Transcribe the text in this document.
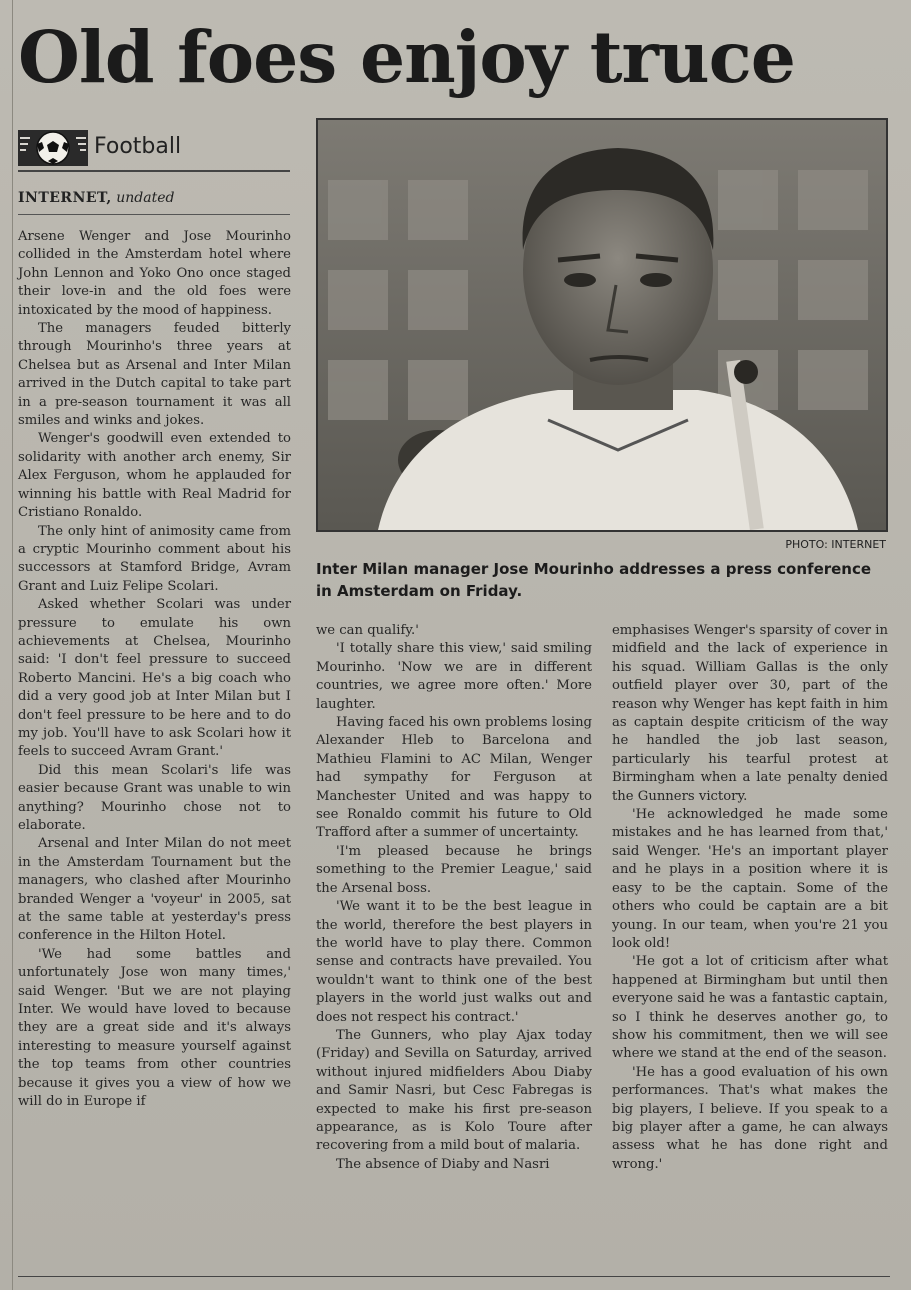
Old foes enjoy truce
Football
INTERNET, undated

Arsene Wenger and Jose Mourinho collided in the Amsterdam hotel where John Lennon and Yoko Ono once staged their love-in and the old foes were intoxicated by the mood of happiness.

The managers feuded bitterly through Mourinho's three years at Chelsea but as Arsenal and Inter Milan arrived in the Dutch capital to take part in a pre-season tournament it was all smiles and winks and jokes.

Wenger's goodwill even extended to solidarity with another arch enemy, Sir Alex Ferguson, whom he applauded for winning his battle with Real Madrid for Cristiano Ronaldo.

The only hint of animosity came from a cryptic Mourinho comment about his successors at Stamford Bridge, Avram Grant and Luiz Felipe Scolari.

Asked whether Scolari was under pressure to emulate his own achievements at Chelsea, Mourinho said: 'I don't feel pressure to succeed Roberto Mancini. He's a big coach who did a very good job at Inter Milan but I don't feel pressure to be here and to do my job. You'll have to ask Scolari how it feels to succeed Avram Grant.'

Did this mean Scolari's life was easier because Grant was unable to win anything? Mourinho chose not to elaborate.

Arsenal and Inter Milan do not meet in the Amsterdam Tournament but the managers, who clashed after Mourinho branded Wenger a 'voyeur' in 2005, sat at the same table at yesterday's press conference in the Hilton Hotel.

'We had some battles and unfortunately Jose won many times,' said Wenger. 'But we are not playing Inter. We would have loved to because they are a great side and it's always interesting to measure yourself against the top teams from other countries because it gives you a view of how we will do in Europe if

PHOTO: INTERNET
Inter Milan manager Jose Mourinho addresses a press conference in Amsterdam on Friday.

we can qualify.'

'I totally share this view,' said smiling Mourinho. 'Now we are in different countries, we agree more often.' More laughter.

Having faced his own problems losing Alexander Hleb to Barcelona and Mathieu Flamini to AC Milan, Wenger had sympathy for Ferguson at Manchester United and was happy to see Ronaldo commit his future to Old Trafford after a summer of uncertainty.

'I'm pleased because he brings something to the Premier League,' said the Arsenal boss.

'We want it to be the best league in the world, therefore the best players in the world have to play there. Common sense and contracts have prevailed. You wouldn't want to think one of the best players in the world just walks out and does not respect his contract.'

The Gunners, who play Ajax today (Friday) and Sevilla on Saturday, arrived without injured midfielders Abou Diaby and Samir Nasri, but Cesc Fabregas is expected to make his first pre-season appearance, as is Kolo Toure after recovering from a mild bout of malaria.

The absence of Diaby and Nasri

emphasises Wenger's sparsity of cover in midfield and the lack of experience in his squad. William Gallas is the only outfield player over 30, part of the reason why Wenger has kept faith in him as captain despite criticism of the way he handled the job last season, particularly his tearful protest at Birmingham when a late penalty denied the Gunners victory.

'He acknowledged he made some mistakes and he has learned from that,' said Wenger. 'He's an important player and he plays in a position where it is easy to be the captain. Some of the others who could be captain are a bit young. In our team, when you're 21 you look old!

'He got a lot of criticism after what happened at Birmingham but until then everyone said he was a fantastic captain, so I think he deserves another go, to show his commitment, then we will see where we stand at the end of the season.

'He has a good evaluation of his own performances. That's what makes the big players, I believe. If you speak to a big player after a game, he can always assess what he has done right and wrong.'
